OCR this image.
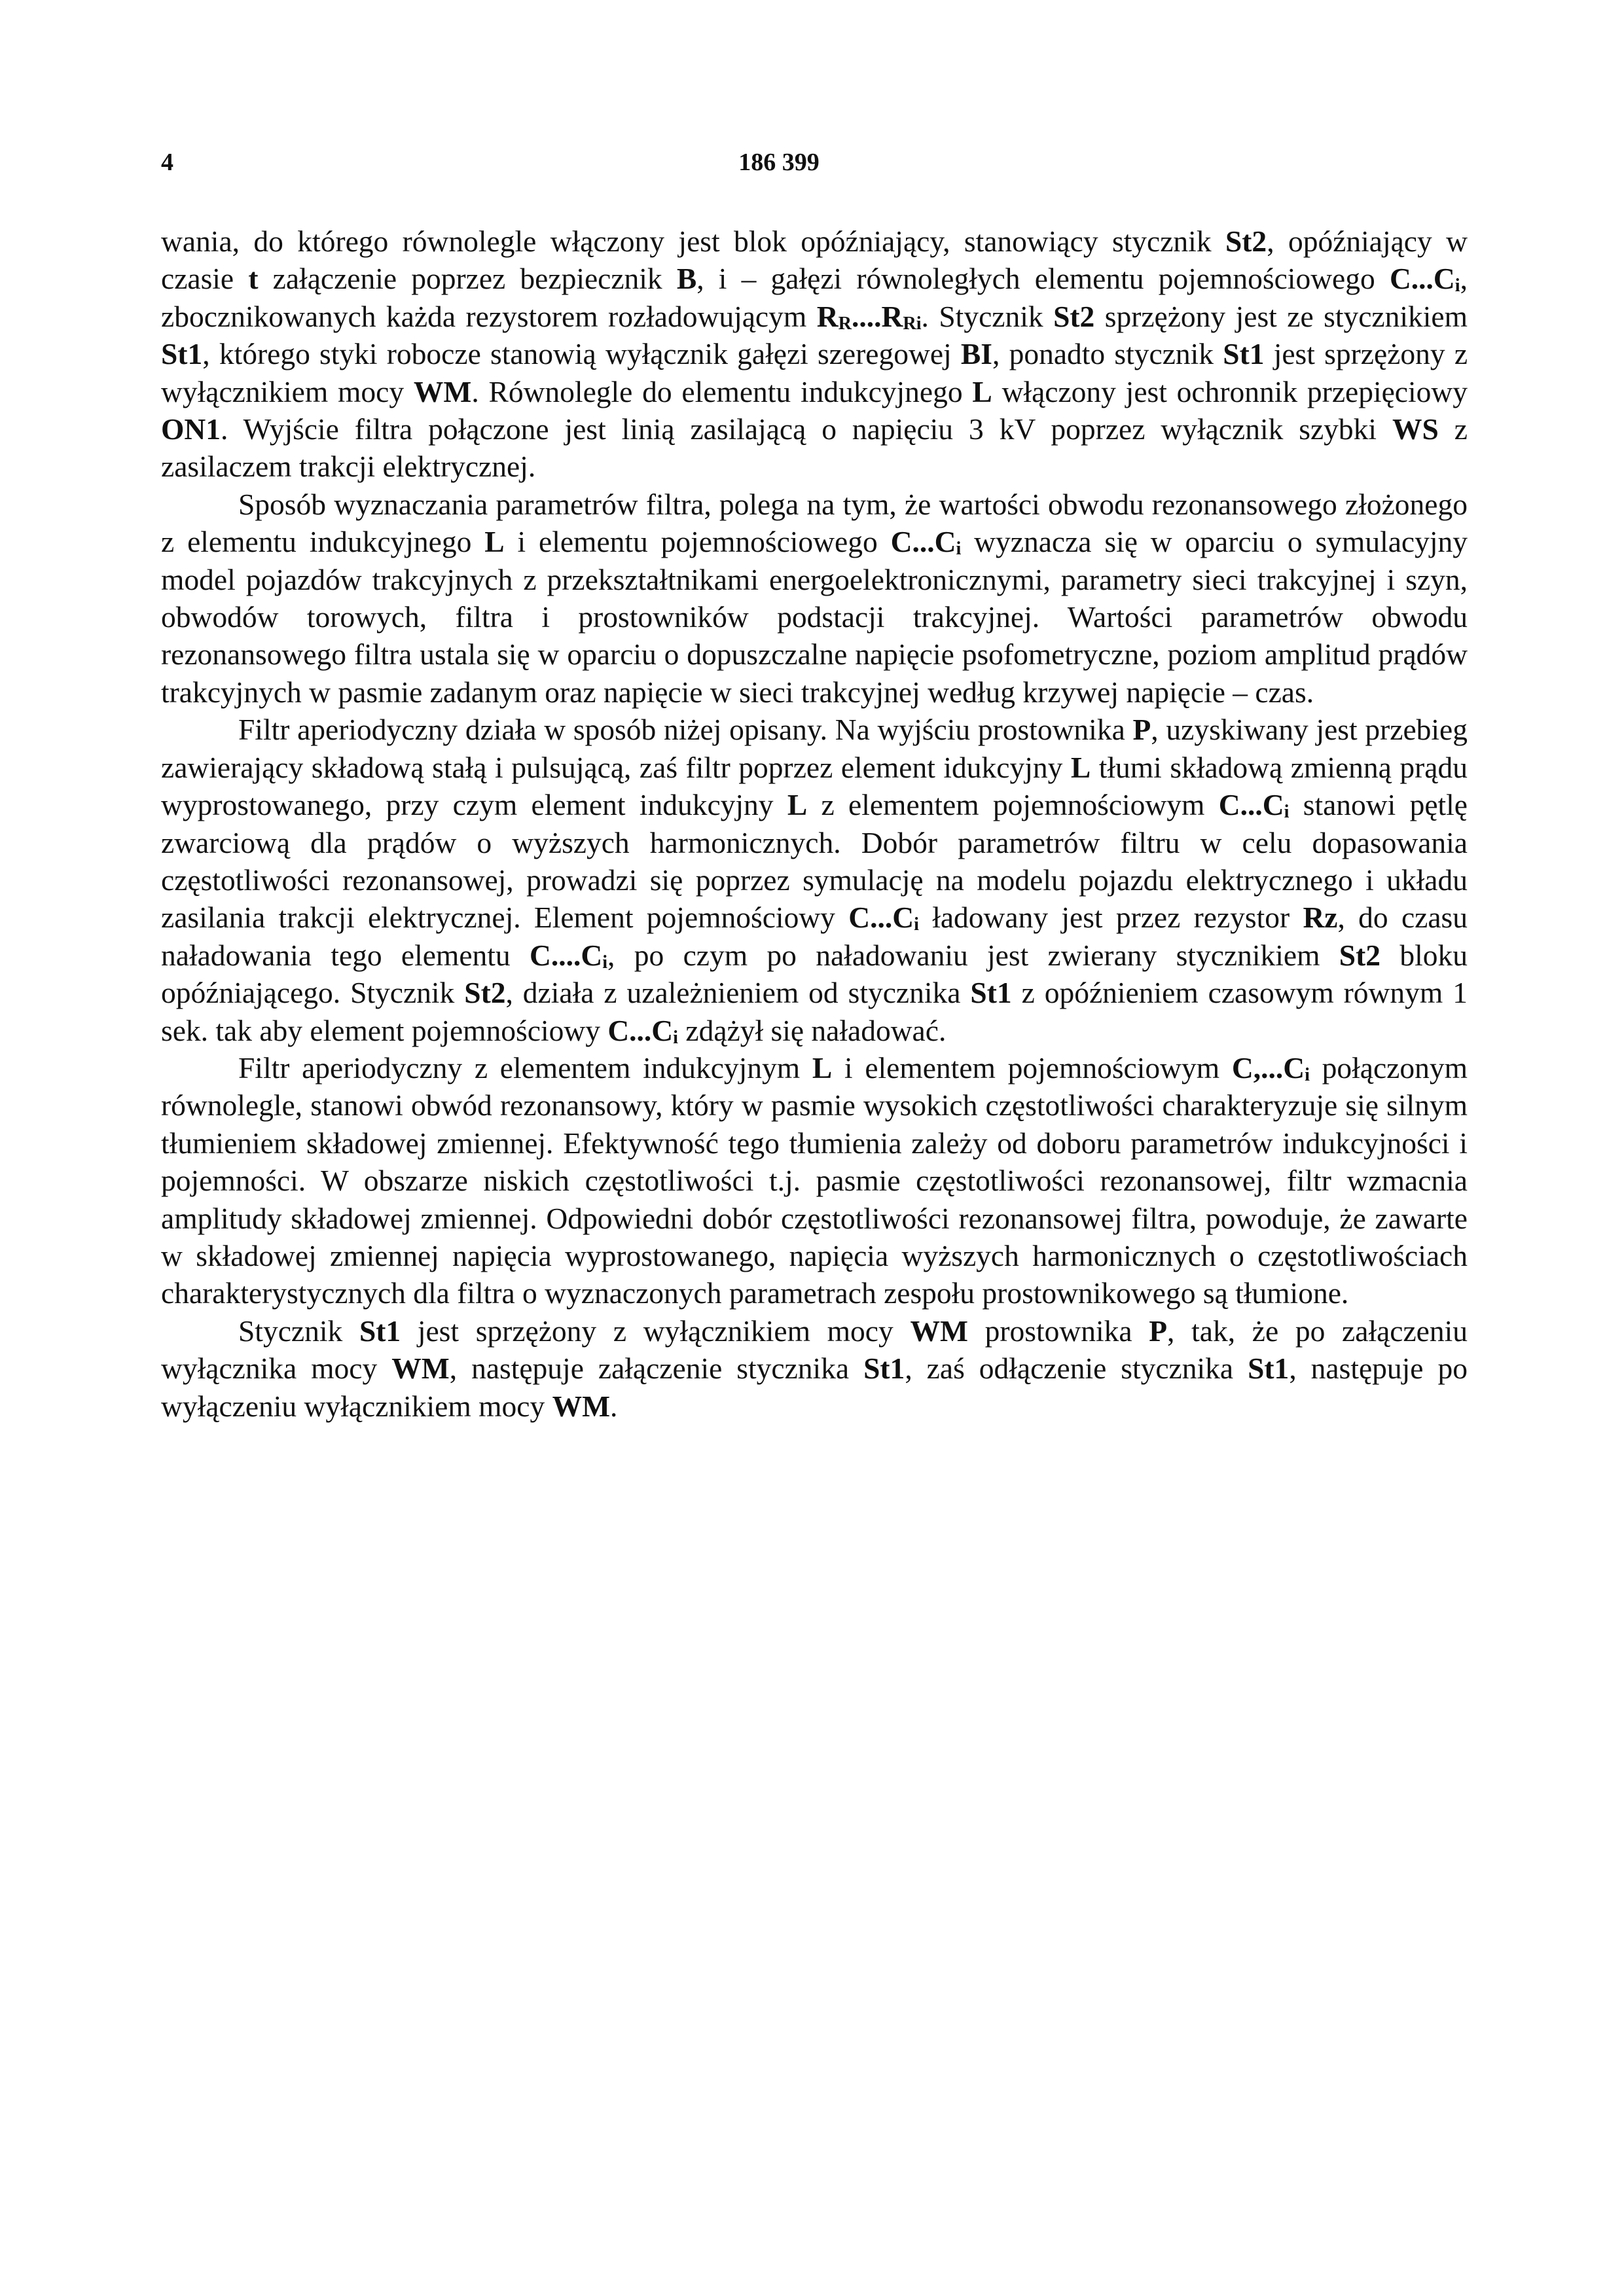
4	186 399

wania, do którego równolegle włączony jest blok opóźniający, stanowiący stycznik St2, opóźniający w czasie t załączenie poprzez bezpiecznik B, i – gałęzi równoległych elementu pojemnościowego $C...C_i$, zbocznikowanych każda rezystorem rozładowującym $R_R....R_{Ri}$. Stycznik St2 sprzężony jest ze stycznikiem St1, którego styki robocze stanowią wyłącznik gałęzi szeregowej BI, ponadto stycznik St1 jest sprzężony z wyłącznikiem mocy WM. Równolegle do elementu indukcyjnego L włączony jest ochronnik przepięciowy ON1. Wyjście filtra połączone jest linią zasilającą o napięciu 3 kV poprzez wyłącznik szybki WS z zasilaczem trakcji elektrycznej.

Sposób wyznaczania parametrów filtra, polega na tym, że wartości obwodu rezonansowego złożonego z elementu indukcyjnego L i elementu pojemnościowego $C...C_i$ wyznacza się w oparciu o symulacyjny model pojazdów trakcyjnych z przekształtnikami energoelektronicznymi, parametry sieci trakcyjnej i szyn, obwodów torowych, filtra i prostowników podstacji trakcyjnej. Wartości parametrów obwodu rezonansowego filtra ustala się w oparciu o dopuszczalne napięcie psofometryczne, poziom amplitud prądów trakcyjnych w pasmie zadanym oraz napięcie w sieci trakcyjnej według krzywej napięcie – czas.

Filtr aperiodyczny działa w sposób niżej opisany. Na wyjściu prostownika P, uzyskiwany jest przebieg zawierający składową stałą i pulsującą, zaś filtr poprzez element idukcyjny L tłumi składową zmienną prądu wyprostowanego, przy czym element indukcyjny L z elementem pojemnościowym $C...C_i$ stanowi pętlę zwarciową dla prądów o wyższych harmonicznych. Dobór parametrów filtru w celu dopasowania częstotliwości rezonansowej, prowadzi się poprzez symulację na modelu pojazdu elektrycznego i układu zasilania trakcji elektrycznej. Element pojemnościowy $C...C_i$ ładowany jest przez rezystor Rz, do czasu naładowania tego elementu $C....C_i$, po czym po naładowaniu jest zwierany stycznikiem St2 bloku opóźniającego. Stycznik St2, działa z uzależnieniem od stycznika St1 z opóźnieniem czasowym równym 1 sek. tak aby element pojemnościowy $C...C_i$ zdążył się naładować.

Filtr aperiodyczny z elementem indukcyjnym L i elementem pojemnościowym $C,...C_i$ połączonym równolegle, stanowi obwód rezonansowy, który w pasmie wysokich częstotliwości charakteryzuje się silnym tłumieniem składowej zmiennej. Efektywność tego tłumienia zależy od doboru parametrów indukcyjności i pojemności. W obszarze niskich częstotliwości t.j. pasmie częstotliwości rezonansowej, filtr wzmacnia amplitudy składowej zmiennej. Odpowiedni dobór częstotliwości rezonansowej filtra, powoduje, że zawarte w składowej zmiennej napięcia wyprostowanego, napięcia wyższych harmonicznych o częstotliwościach charakterystycznych dla filtra o wyznaczonych parametrach zespołu prostownikowego są tłumione.

Stycznik St1 jest sprzężony z wyłącznikiem mocy WM prostownika P, tak, że po załączeniu wyłącznika mocy WM, następuje załączenie stycznika St1, zaś odłączenie stycznika St1, następuje po wyłączeniu wyłącznikiem mocy WM.
